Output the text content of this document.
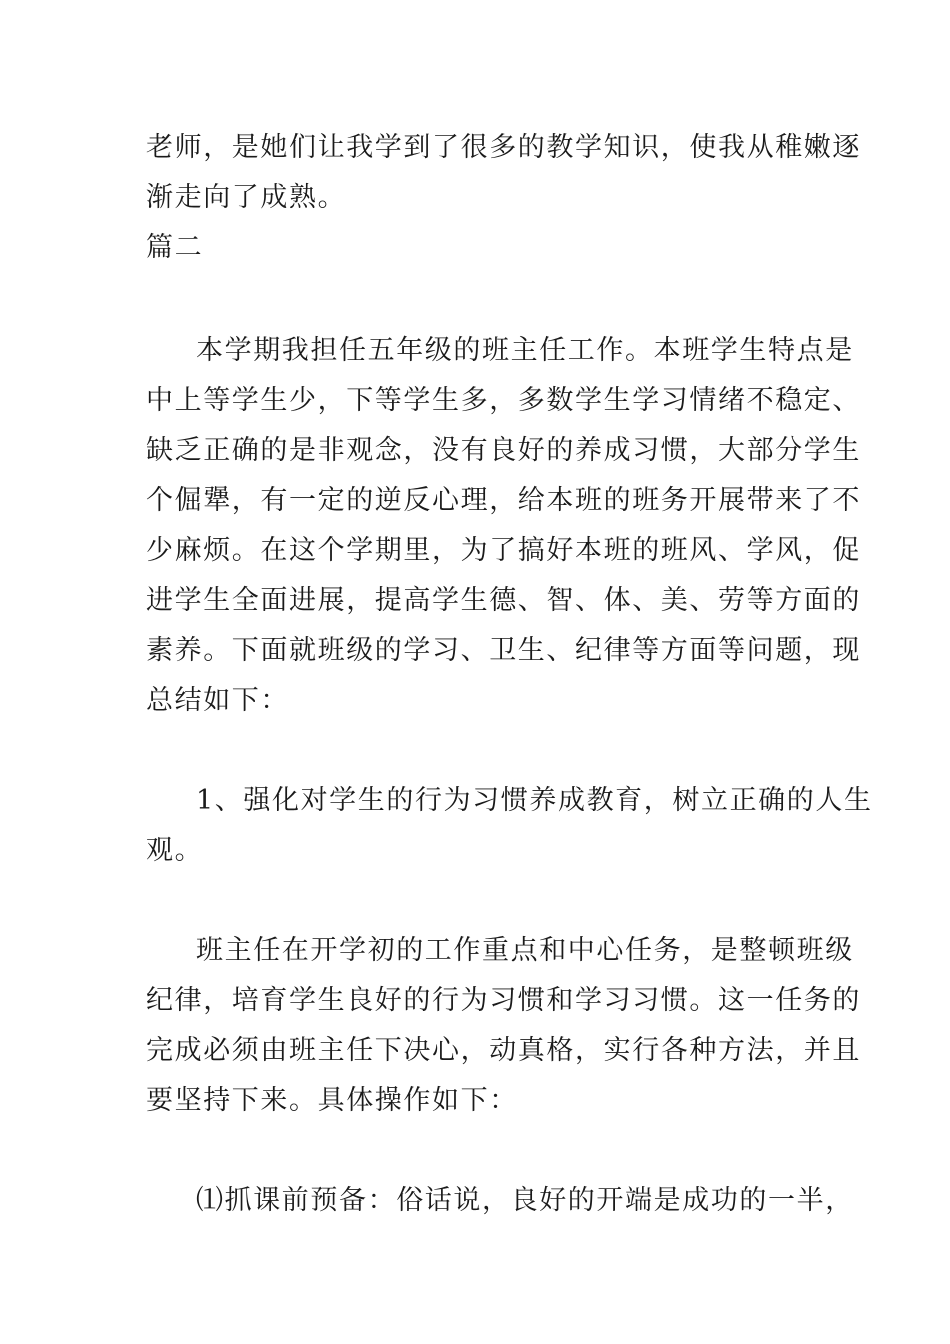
老师，是她们让我学到了很多的教学知识，使我从稚嫩逐
渐走向了成熟。
篇二
本学期我担任五年级的班主任工作。本班学生特点是
中上等学生少，下等学生多，多数学生学习情绪不稳定、
缺乏正确的是非观念，没有良好的养成习惯，大部分学生
个倔犟，有一定的逆反心理，给本班的班务开展带来了不
少麻烦。在这个学期里，为了搞好本班的班风、学风，促
进学生全面进展，提高学生德、智、体、美、劳等方面的
素养。下面就班级的学习、卫生、纪律等方面等问题，现
总结如下：
1、强化对学生的行为习惯养成教育，树立正确的人生
观。
班主任在开学初的工作重点和中心任务，是整顿班级
纪律，培育学生良好的行为习惯和学习习惯。这一任务的
完成必须由班主任下决心，动真格，实行各种方法，并且
要坚持下来。具体操作如下：
⑴抓课前预备：俗话说，良好的开端是成功的一半，
